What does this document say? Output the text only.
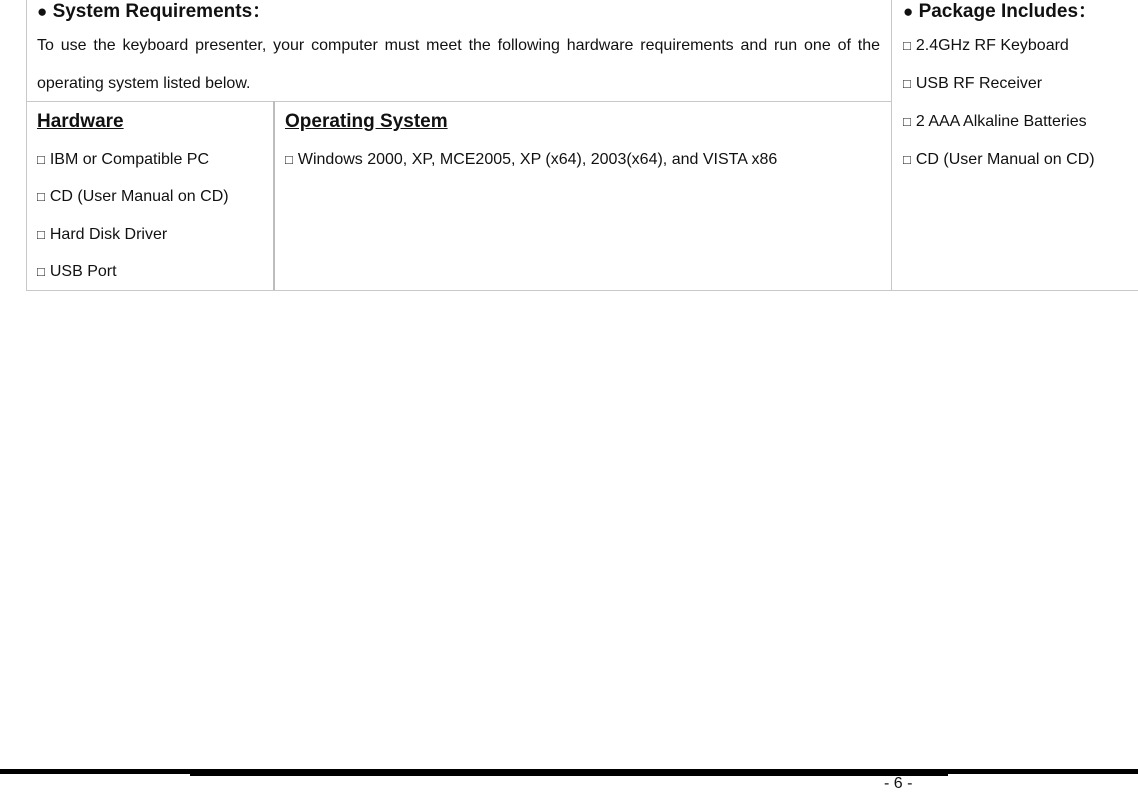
● System Requirements：
To use the keyboard presenter, your computer must meet the following hardware requirements and run one of the operating system listed below.
Hardware
□ IBM or Compatible PC
□ CD (User Manual on CD)
□ Hard Disk Driver
□ USB Port
Operating System
□ Windows 2000, XP, MCE2005, XP (x64), 2003(x64), and VISTA x86
● Package Includes：
□ 2.4GHz RF Keyboard
□ USB RF Receiver
□ 2 AAA Alkaline Batteries
□ CD (User Manual on CD)
- 6 -
